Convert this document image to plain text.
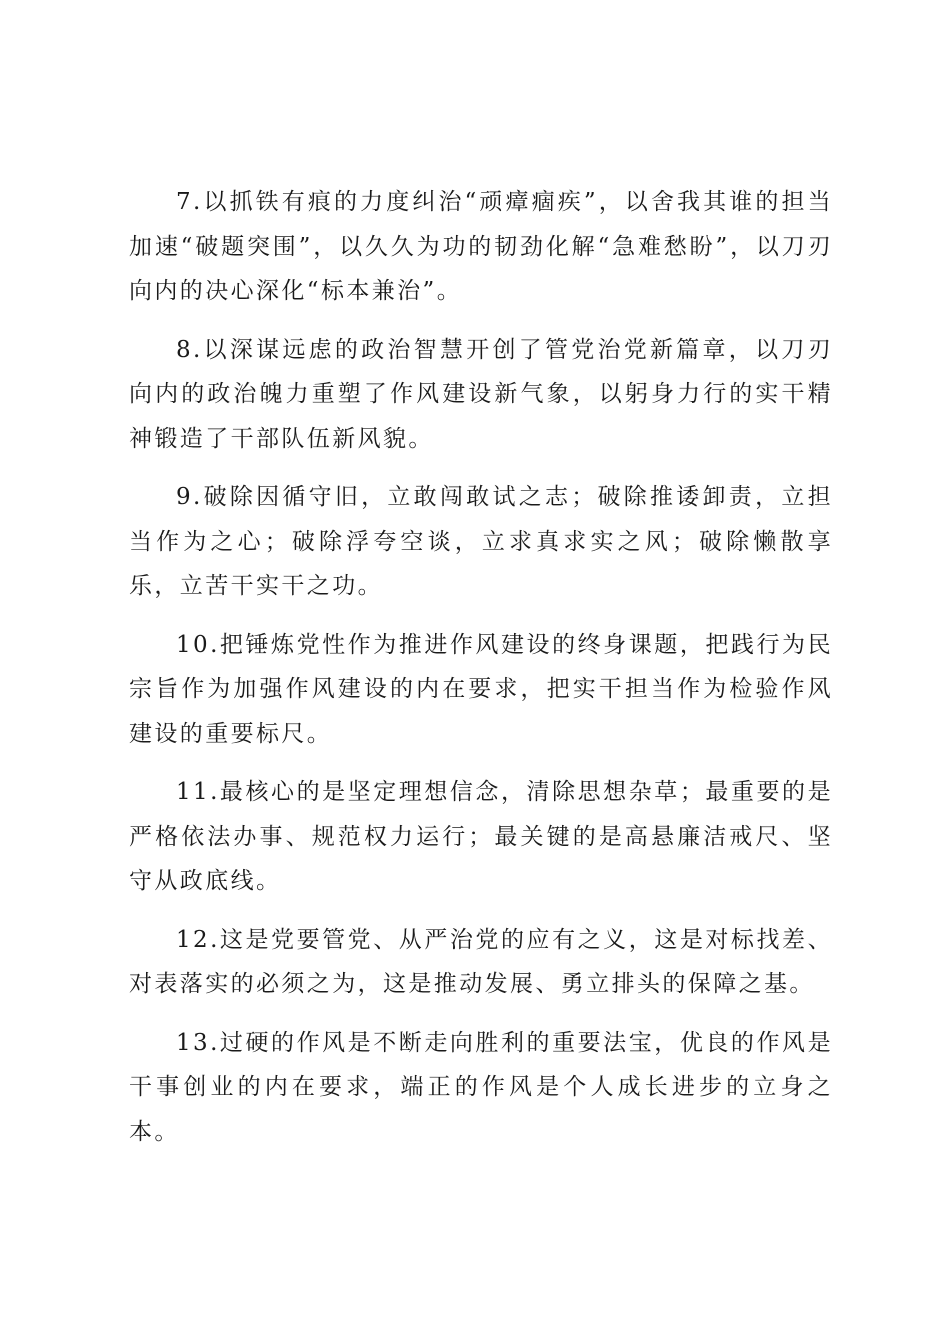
7.以抓铁有痕的力度纠治“顽瘴痼疾”，以舍我其谁的担当加速“破题突围”，以久久为功的韧劲化解“急难愁盼”，以刀刃向内的决心深化“标本兼治”。

8.以深谋远虑的政治智慧开创了管党治党新篇章，以刀刃向内的政治魄力重塑了作风建设新气象，以躬身力行的实干精神锻造了干部队伍新风貌。

9.破除因循守旧，立敢闯敢试之志；破除推诿卸责，立担当作为之心；破除浮夸空谈，立求真求实之风；破除懒散享乐，立苦干实干之功。

10.把锤炼党性作为推进作风建设的终身课题，把践行为民宗旨作为加强作风建设的内在要求，把实干担当作为检验作风建设的重要标尺。

11.最核心的是坚定理想信念，清除思想杂草；最重要的是严格依法办事、规范权力运行；最关键的是高悬廉洁戒尺、坚守从政底线。

12.这是党要管党、从严治党的应有之义，这是对标找差、对表落实的必须之为，这是推动发展、勇立排头的保障之基。

13.过硬的作风是不断走向胜利的重要法宝，优良的作风是干事创业的内在要求，端正的作风是个人成长进步的立身之本。
